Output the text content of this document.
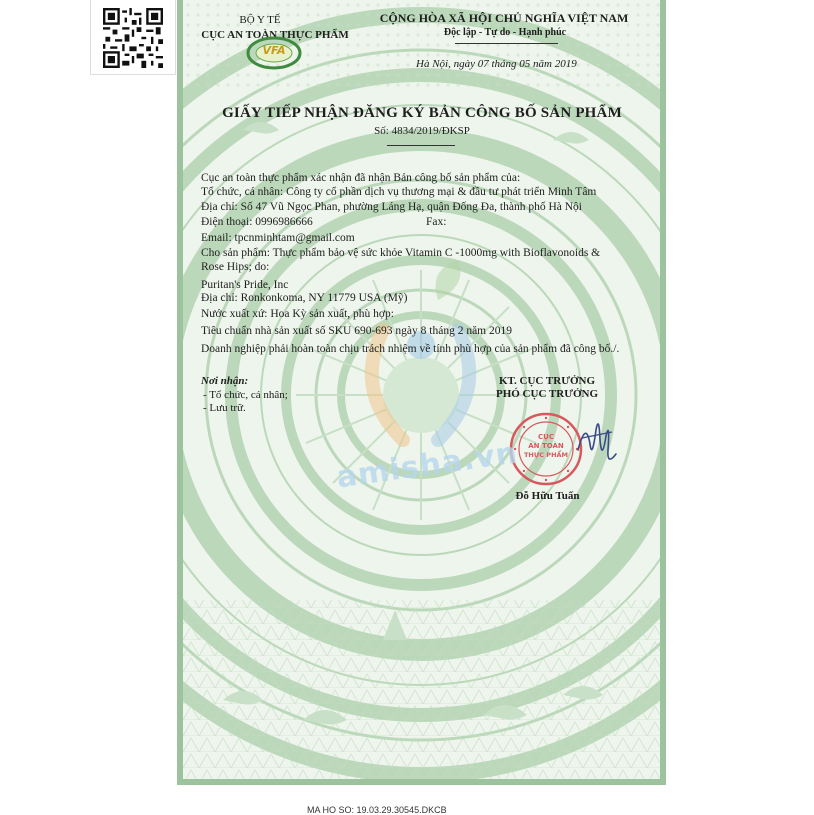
BỘ Y TẾ
CỤC AN TOÀN THỰC PHẨM
VFA
CỘNG HÒA XÃ HỘI CHỦ NGHĨA VIỆT NAM
Độc lập - Tự do - Hạnh phúc
Hà Nội, ngày 07 tháng 05 năm 2019
GIẤY TIẾP NHẬN ĐĂNG KÝ BẢN CÔNG BỐ SẢN PHẨM
Số: 4834/2019/ĐKSP
Cục an toàn thực phẩm xác nhận đã nhận Bản công bố sản phẩm của:
Tổ chức, cá nhân: Công ty cổ phần dịch vụ thương mại & đầu tư phát triển Minh Tâm
Địa chỉ: Số 47 Vũ Ngọc Phan, phường Láng Hạ, quận Đống Đa, thành phố Hà Nội
Điện thoại: 0996986666	Fax:
Email: tpcnminhtam@gmail.com
Cho sản phẩm: Thực phẩm bảo vệ sức khỏe Vitamin C -1000mg with Bioflavonoids &
Rose Hips; do:
Puritan's Pride, Inc
Địa chỉ: Ronkonkoma, NY 11779 USA (Mỹ)
Nước xuất xứ: Hoa Kỳ sản xuất, phù hợp:
Tiêu chuẩn nhà sản xuất số SKU 690-693 ngày 8 tháng 2 năm 2019
Doanh nghiệp phải hoàn toàn chịu trách nhiệm về tính phù hợp của sản phẩm đã công bố./.
Nơi nhận:
- Tổ chức, cá nhân;
- Lưu trữ.
KT. CỤC TRƯỞNG
PHÓ CỤC TRƯỞNG
CỤC
AN TOÀN
THỰC PHẨM
Đỗ Hữu Tuấn
amisha.vn
MA HO SO: 19.03.29.30545.DKCB
